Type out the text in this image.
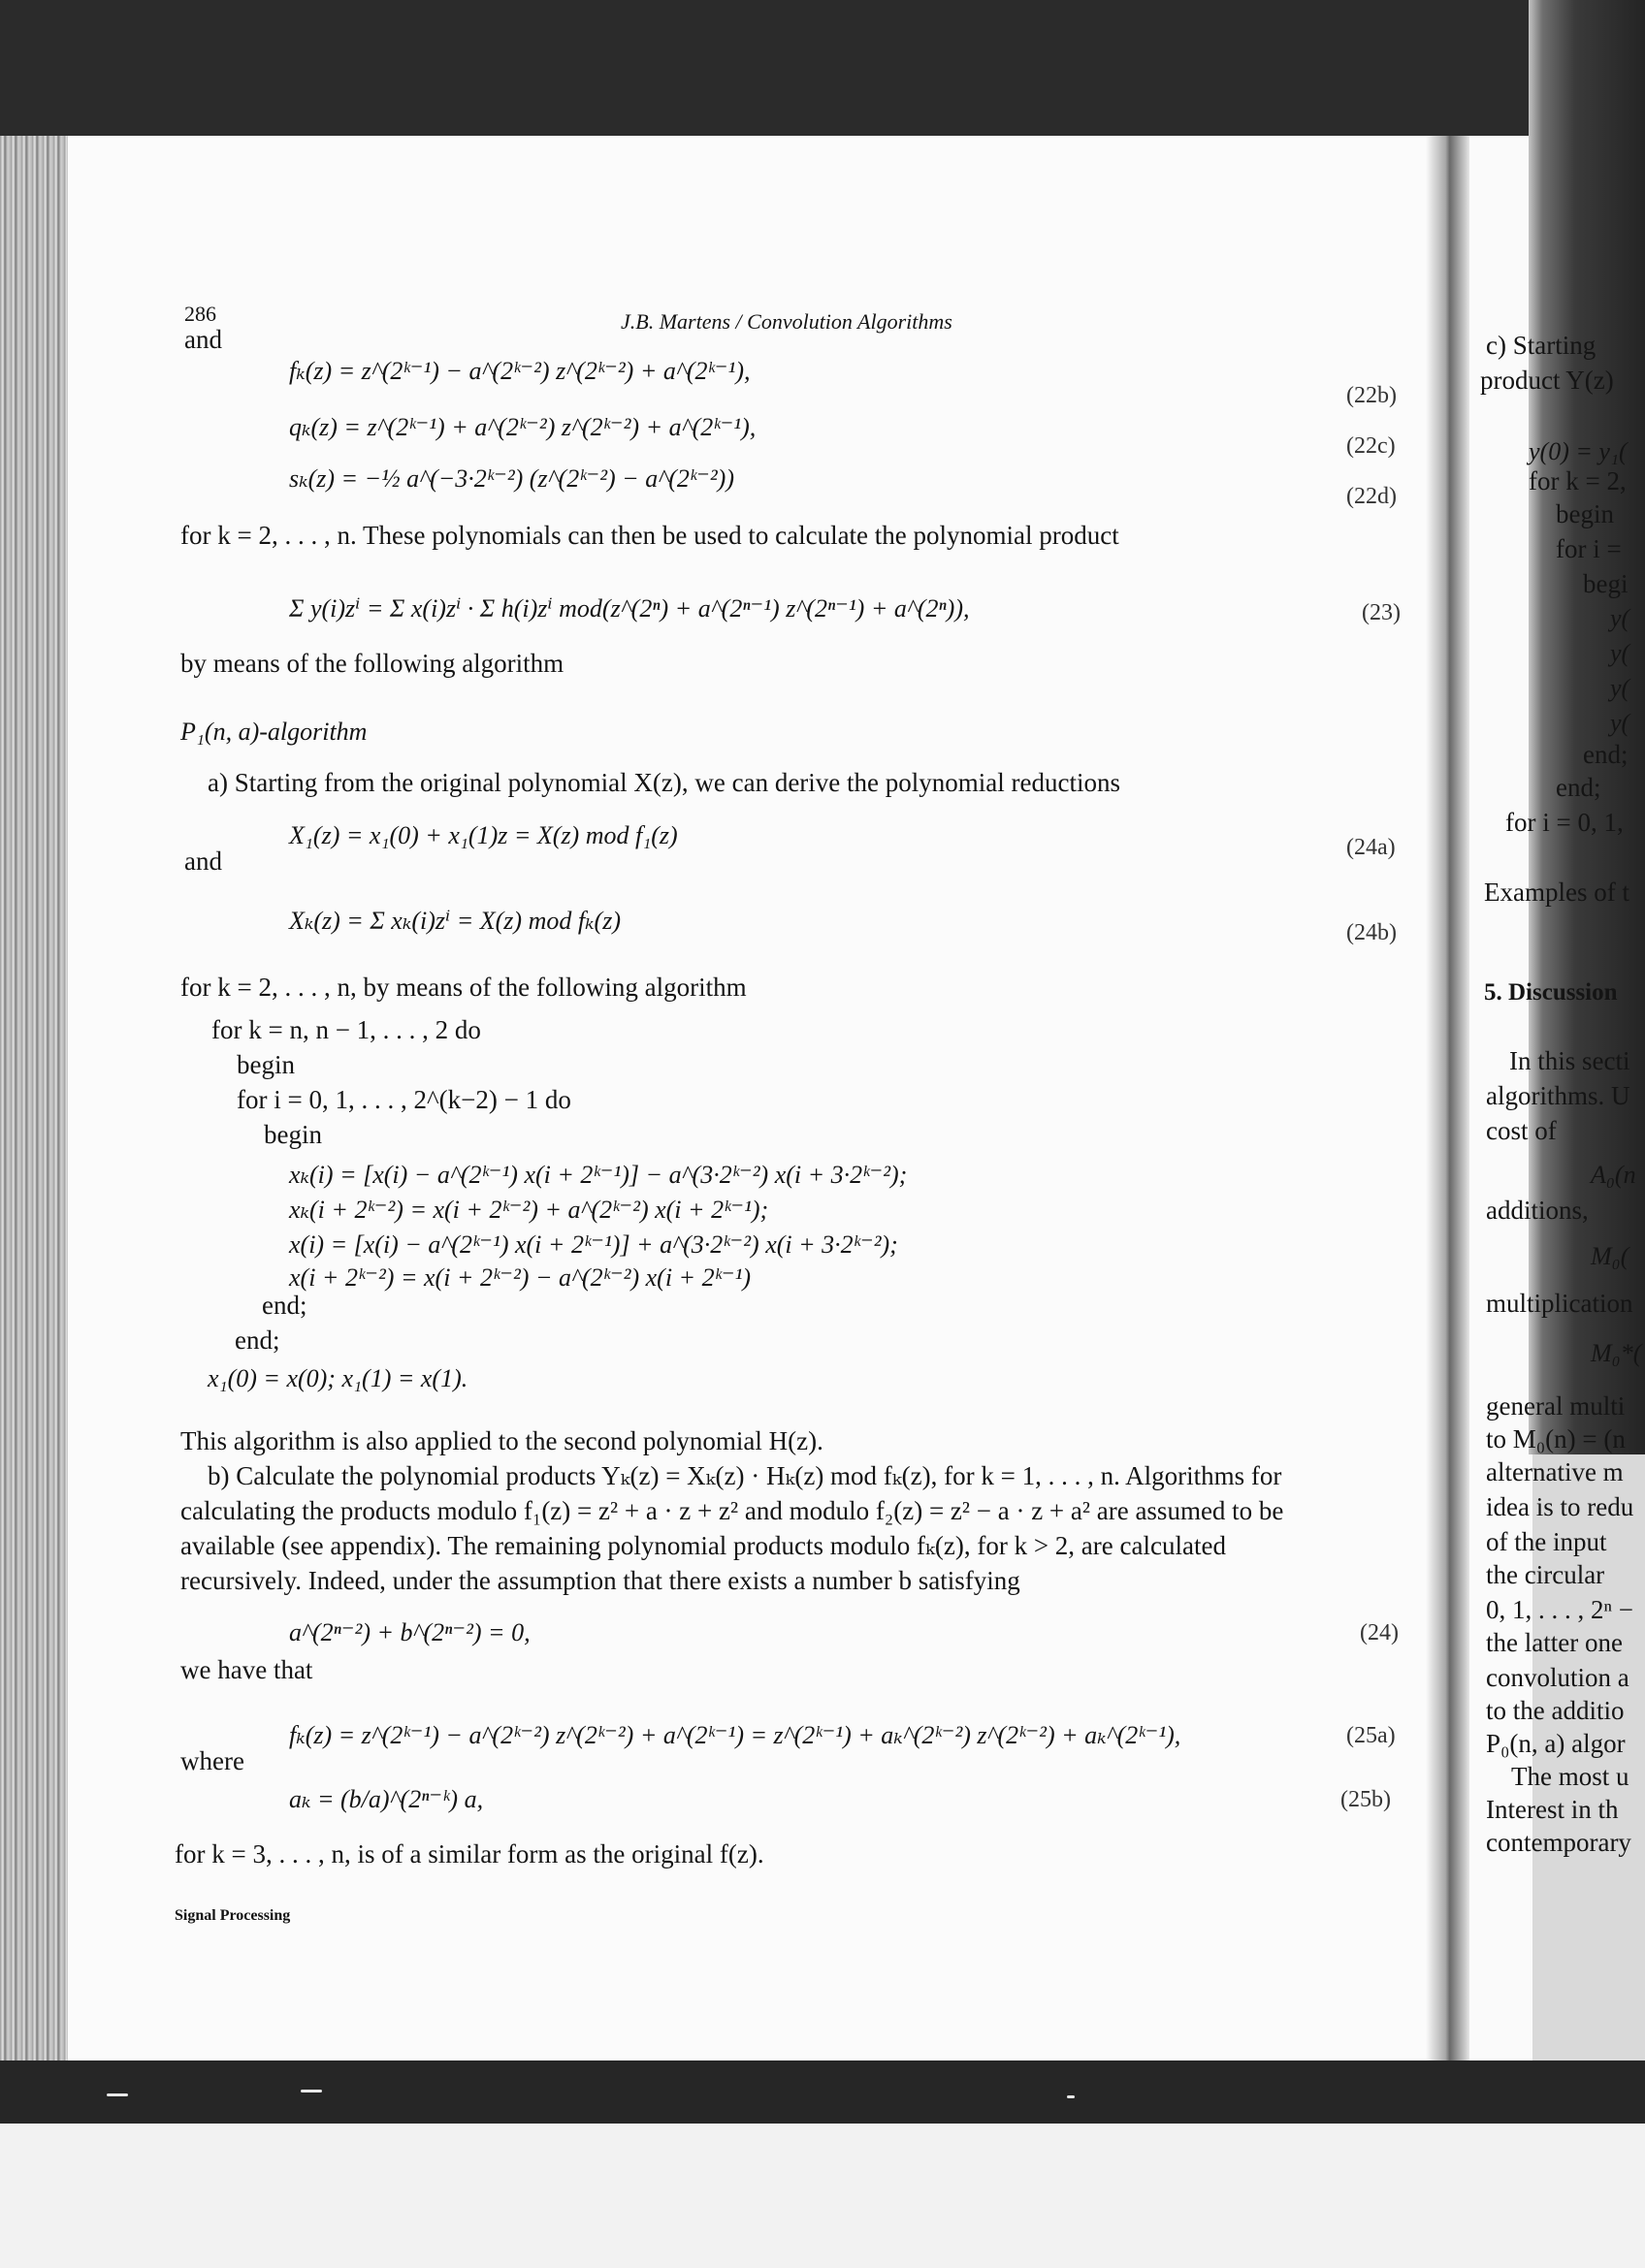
286	J.B. Martens / Convolution Algorithms
and
fₖ(z) = z^(2ᵏ⁻¹) − a^(2ᵏ⁻²) z^(2ᵏ⁻²) + a^(2ᵏ⁻¹),
qₖ(z) = z^(2ᵏ⁻¹) + a^(2ᵏ⁻²) z^(2ᵏ⁻²) + a^(2ᵏ⁻¹),
sₖ(z) = −½ a^(−3·2ᵏ⁻²) (z^(2ᵏ⁻²) − a^(2ᵏ⁻²))
for k = 2, . . . , n. These polynomials can then be used to calculate the polynomial product
Σ y(i)zⁱ = Σ x(i)zⁱ · Σ h(i)zⁱ mod(z^(2ⁿ) + a^(2ⁿ⁻¹) z^(2ⁿ⁻¹) + a^(2ⁿ)),
by means of the following algorithm
P₁(n, a)-algorithm
a) Starting from the original polynomial X(z), we can derive the polynomial reductions
X₁(z) = x₁(0) + x₁(1)z = X(z) mod f₁(z)
and
Xₖ(z) = Σ xₖ(i)zⁱ = X(z) mod fₖ(z)
for k = 2, . . . , n, by means of the following algorithm
for k = n, n − 1, . . . , 2 do
begin
for i = 0, 1, . . . , 2^(k−2) − 1 do
begin
xₖ(i) = [x(i) − a^(2ᵏ⁻¹) x(i + 2ᵏ⁻¹)] − a^(3·2ᵏ⁻²) x(i + 3·2ᵏ⁻²);
xₖ(i + 2ᵏ⁻²) = x(i + 2ᵏ⁻²) + a^(2ᵏ⁻²) x(i + 2ᵏ⁻¹);
x(i) = [x(i) − a^(2ᵏ⁻¹) x(i + 2ᵏ⁻¹)] + a^(3·2ᵏ⁻²) x(i + 3·2ᵏ⁻²);
x(i + 2ᵏ⁻²) = x(i + 2ᵏ⁻²) − a^(2ᵏ⁻²) x(i + 2ᵏ⁻¹)
end;
end;
x₁(0) = x(0); x₁(1) = x(1).
This algorithm is also applied to the second polynomial H(z).
b) Calculate the polynomial products Yₖ(z) = Xₖ(z) · Hₖ(z) mod fₖ(z), for k = 1, . . . , n. Algorithms for
calculating the products modulo f₁(z) = z² + a · z + z² and modulo f₂(z) = z² − a · z + a² are assumed to be
available (see appendix). The remaining polynomial products modulo fₖ(z), for k > 2, are calculated
recursively. Indeed, under the assumption that there exists a number b satisfying
a^(2ⁿ⁻²) + b^(2ⁿ⁻²) = 0,
we have that
fₖ(z) = z^(2ᵏ⁻¹) − a^(2ᵏ⁻²) z^(2ᵏ⁻²) + a^(2ᵏ⁻¹) = z^(2ᵏ⁻¹) + aₖ^(2ᵏ⁻²) z^(2ᵏ⁻²) + aₖ^(2ᵏ⁻¹),
where
aₖ = (b/a)^(2ⁿ⁻ᵏ) a,
for k = 3, . . . , n, is of a similar form as the original f(z).
(22b)
(22c)
(22d)
(23)
(24a)
(24b)
(24)
(25a)
(25b)
c) Starting
product Y(z)
y(0) = y₁(
for k = 2,
begin
for i =
begi
y(
y(
y(
y(
end;
end;
for i = 0, 1,
Examples of t
5. Discussion
In this secti
algorithms. U
cost of
A₀(n
additions,
M₀(
multiplication
M₀*(
general multi
to M₀(n) = (n
alternative m
idea is to redu
of the input
the circular
0, 1, . . . , 2ⁿ −
the latter one
convolution a
to the additio
P₀(n, a) algor
The most u
Interest in th
contemporary
Signal Processing
